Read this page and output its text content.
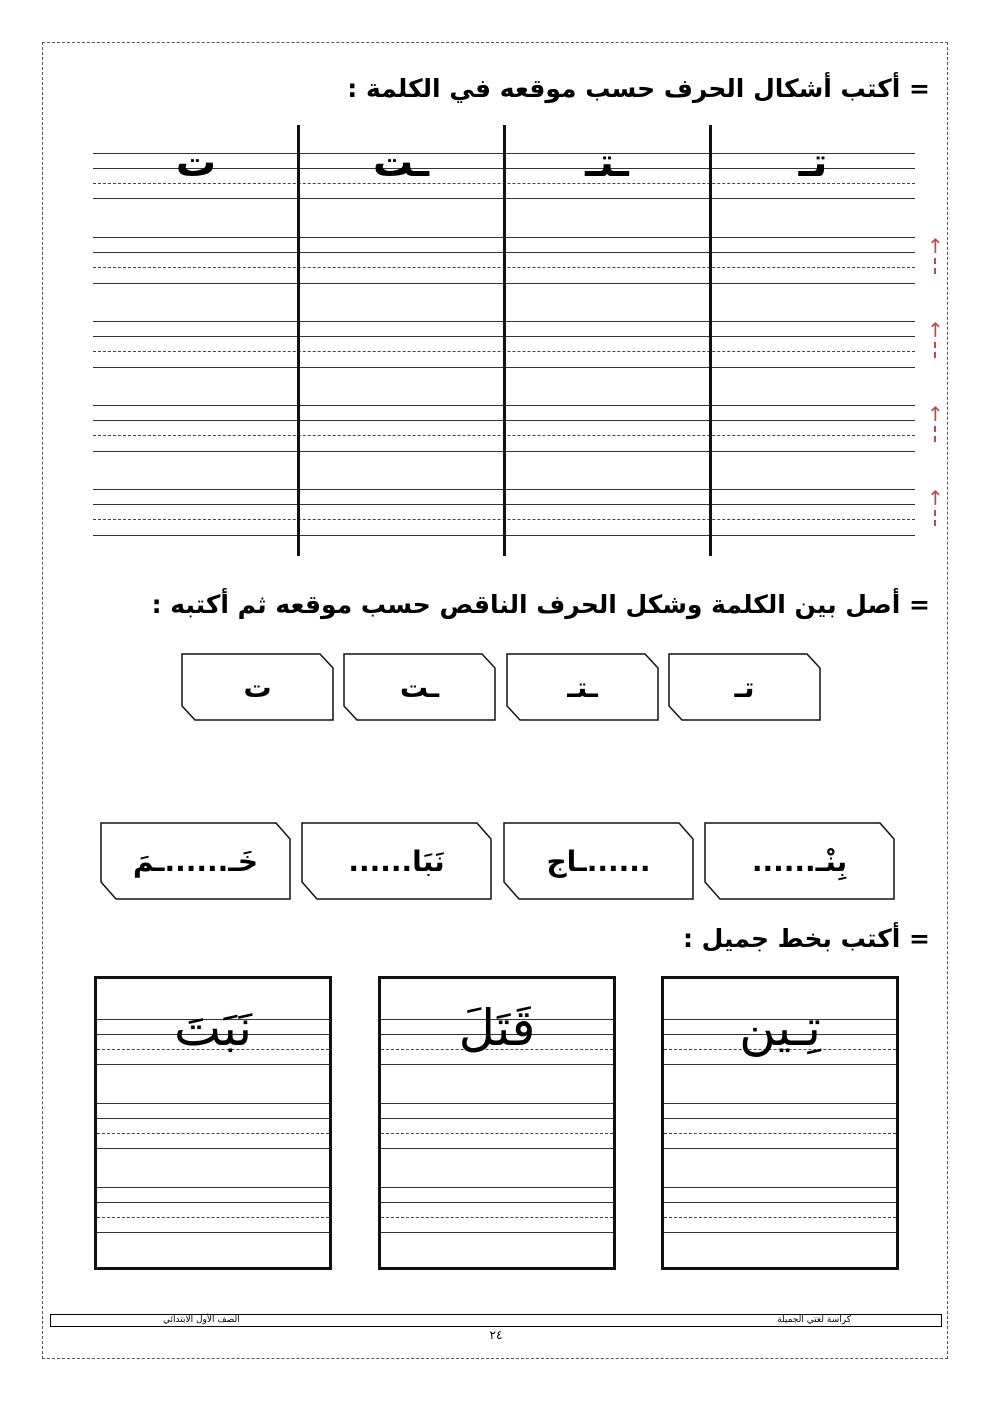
= أكتب أشكال الحرف حسب موقعه في الكلمة :
تـ
ـتـ
ـت
ت
↑
↑
↑
↑
= أصل بين الكلمة وشكل الحرف الناقص حسب موقعه ثم أكتبه :
تـ
ـتـ
ـت
ت
بِنْـ......
......ـاج
نَبَا......
خَـ......ـمَ
= أكتب بخط جميل :
تِـين
قَتَلَ
نَبَتَ
كراسة لغتي الجميلة
الصف الأول الابتدائي
٢٤
